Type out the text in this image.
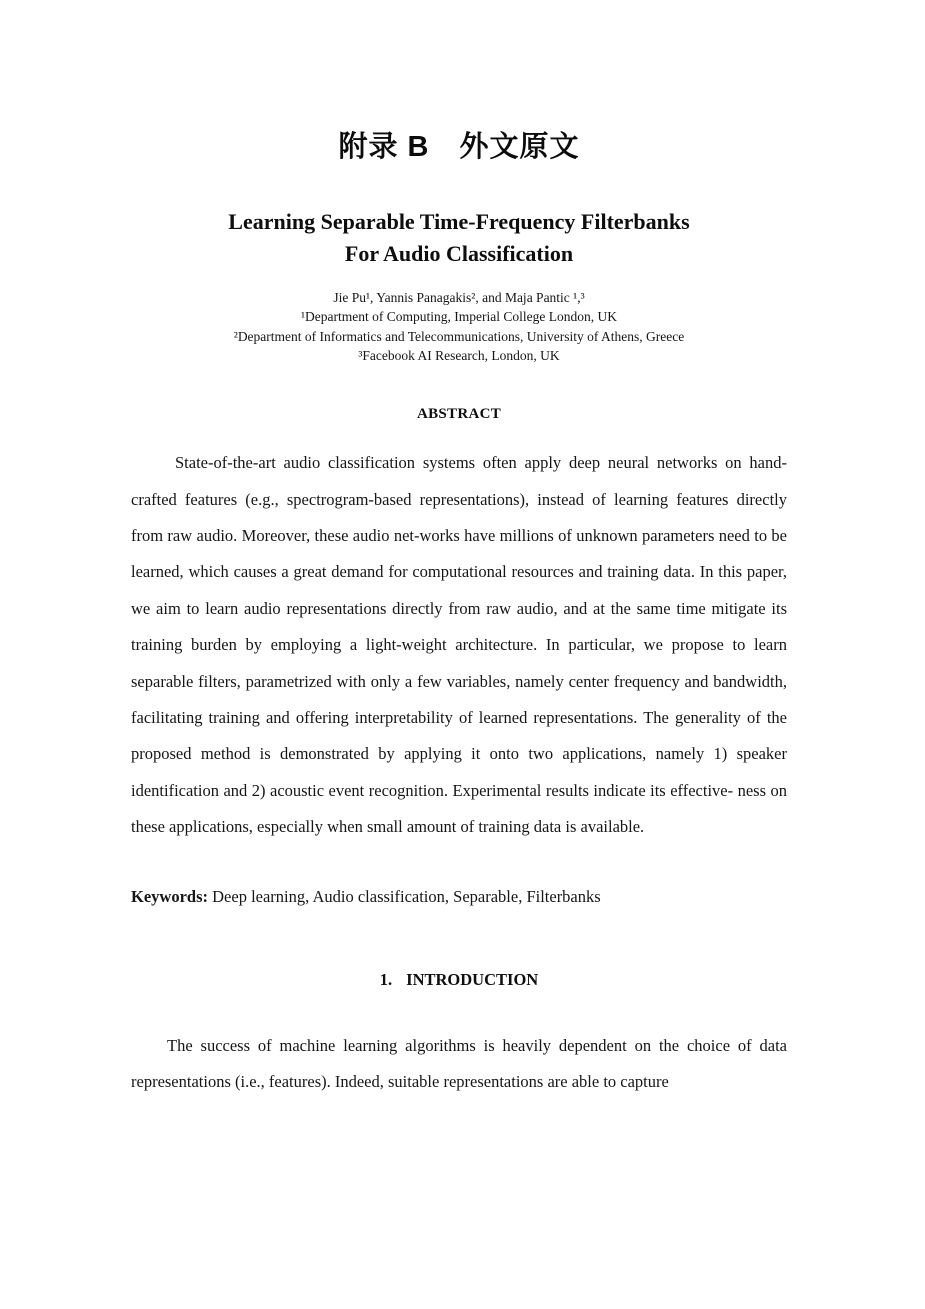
附录 B　外文原文
Learning Separable Time-Frequency Filterbanks
For Audio Classification
Jie Pu¹, Yannis Panagakis², and Maja Pantic ¹,³
¹Department of Computing, Imperial College London, UK
²Department of Informatics and Telecommunications, University of Athens, Greece
³Facebook AI Research, London, UK
ABSTRACT

State-of-the-art audio classification systems often apply deep neural networks on hand-crafted features (e.g., spectrogram-based representations), instead of learning features directly from raw audio. Moreover, these audio net-works have millions of unknown parameters need to be learned, which causes a great demand for computational resources and training data. In this paper, we aim to learn audio representations directly from raw audio, and at the same time mitigate its training burden by employing a light-weight architecture. In particular, we propose to learn separable filters, parametrized with only a few variables, namely center frequency and bandwidth, facilitating training and offering interpretability of learned representations. The generality of the proposed method is demonstrated by applying it onto two applications, namely 1) speaker identification and 2) acoustic event recognition. Experimental results indicate its effective- ness on these applications, especially when small amount of training data is available.

Keywords: Deep learning, Audio classification, Separable, Filterbanks

1. INTRODUCTION

The success of machine learning algorithms is heavily dependent on the choice of data representations (i.e., features). Indeed, suitable representations are able to capture
